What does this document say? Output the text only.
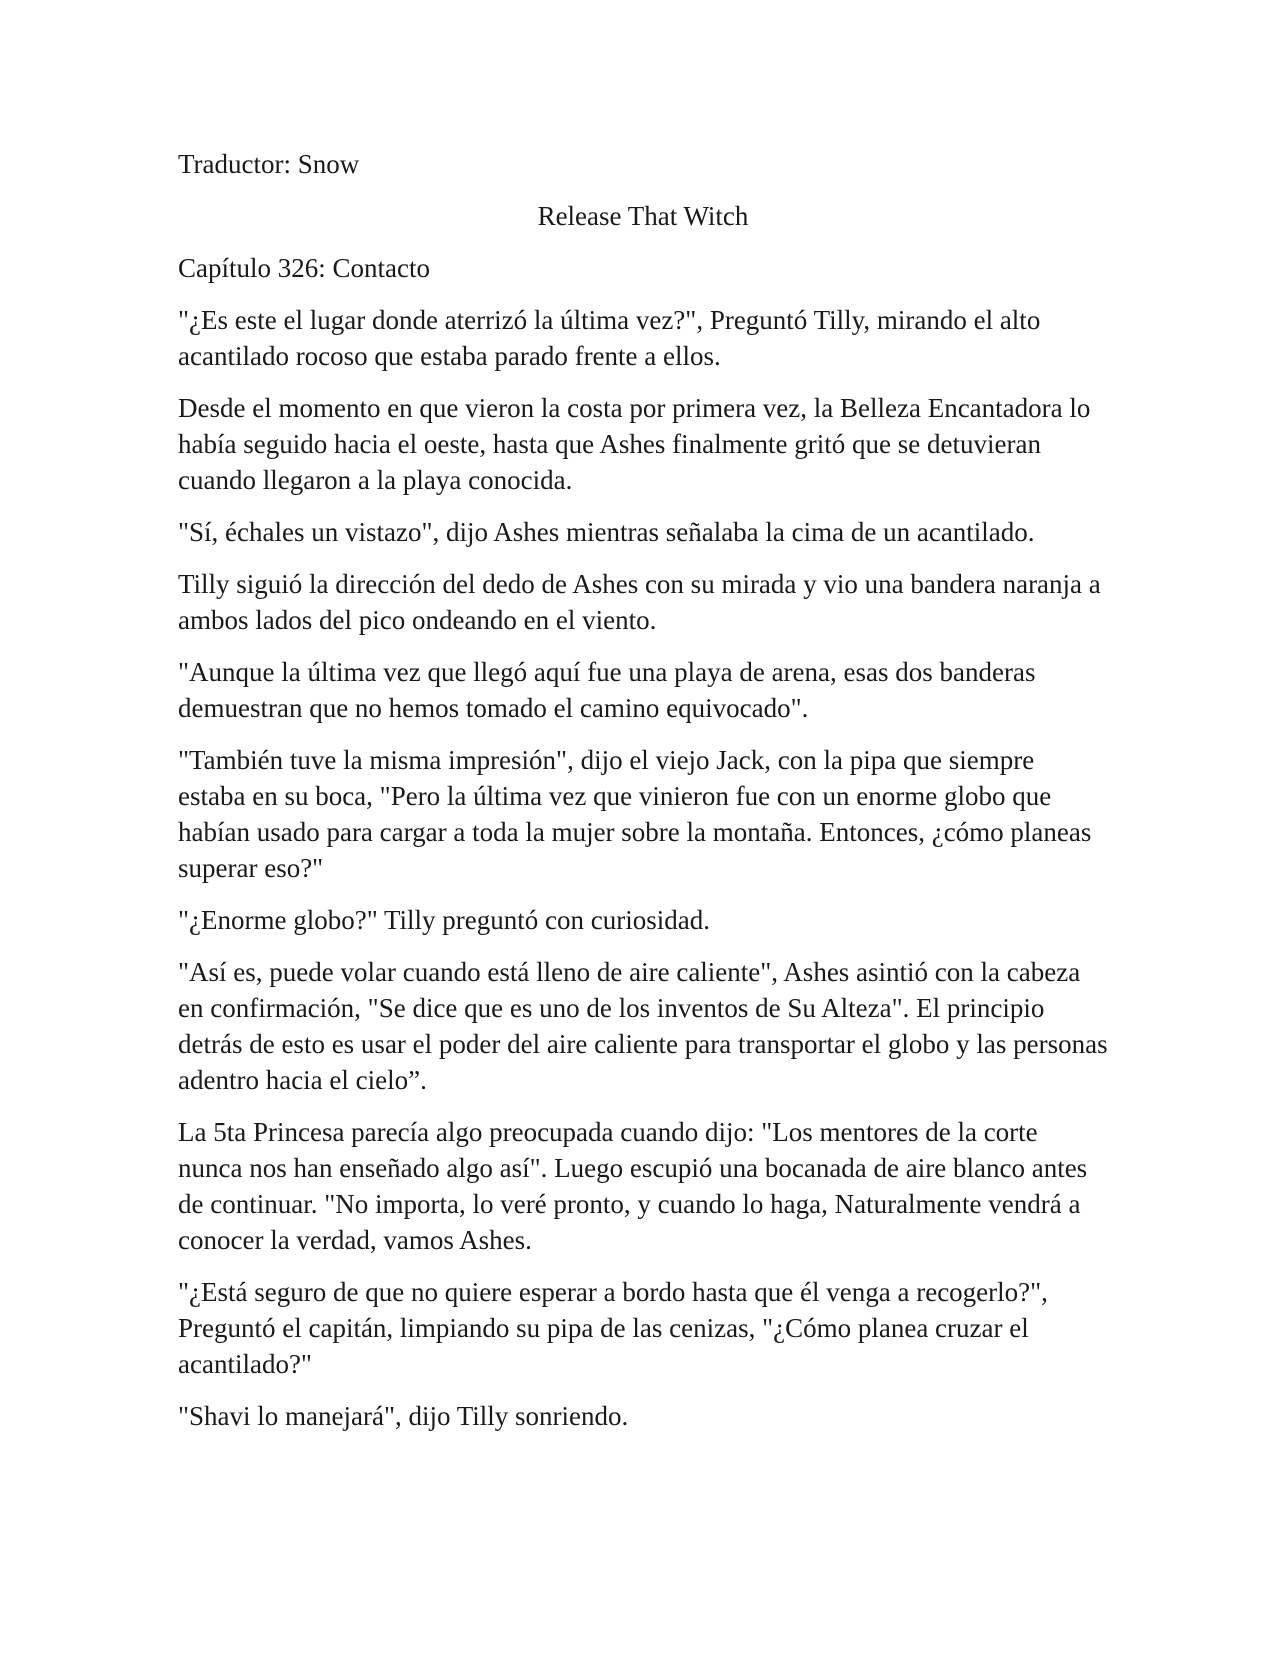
Traductor: Snow

Release That Witch

Capítulo 326: Contacto

"¿Es este el lugar donde aterrizó la última vez?", Preguntó Tilly, mirando el alto acantilado rocoso que estaba parado frente a ellos.

Desde el momento en que vieron la costa por primera vez, la Belleza Encantadora lo había seguido hacia el oeste, hasta que Ashes finalmente gritó que se detuvieran cuando llegaron a la playa conocida.

"Sí, échales un vistazo", dijo Ashes mientras señalaba la cima de un acantilado.

Tilly siguió la dirección del dedo de Ashes con su mirada y vio una bandera naranja a ambos lados del pico ondeando en el viento.

"Aunque la última vez que llegó aquí fue una playa de arena, esas dos banderas demuestran que no hemos tomado el camino equivocado".

"También tuve la misma impresión", dijo el viejo Jack, con la pipa que siempre estaba en su boca, "Pero la última vez que vinieron fue con un enorme globo que habían usado para cargar a toda la mujer sobre la montaña. Entonces, ¿cómo planeas superar eso?"

"¿Enorme globo?" Tilly preguntó con curiosidad.

"Así es, puede volar cuando está lleno de aire caliente", Ashes asintió con la cabeza en confirmación, "Se dice que es uno de los inventos de Su Alteza". El principio detrás de esto es usar el poder del aire caliente para transportar el globo y las personas adentro hacia el cielo”.

La 5ta Princesa parecía algo preocupada cuando dijo: "Los mentores de la corte nunca nos han enseñado algo así". Luego escupió una bocanada de aire blanco antes de continuar. "No importa, lo veré pronto, y cuando lo haga, Naturalmente vendrá a conocer la verdad, vamos Ashes.

"¿Está seguro de que no quiere esperar a bordo hasta que él venga a recogerlo?", Preguntó el capitán, limpiando su pipa de las cenizas, "¿Cómo planea cruzar el acantilado?"

"Shavi lo manejará", dijo Tilly sonriendo.
